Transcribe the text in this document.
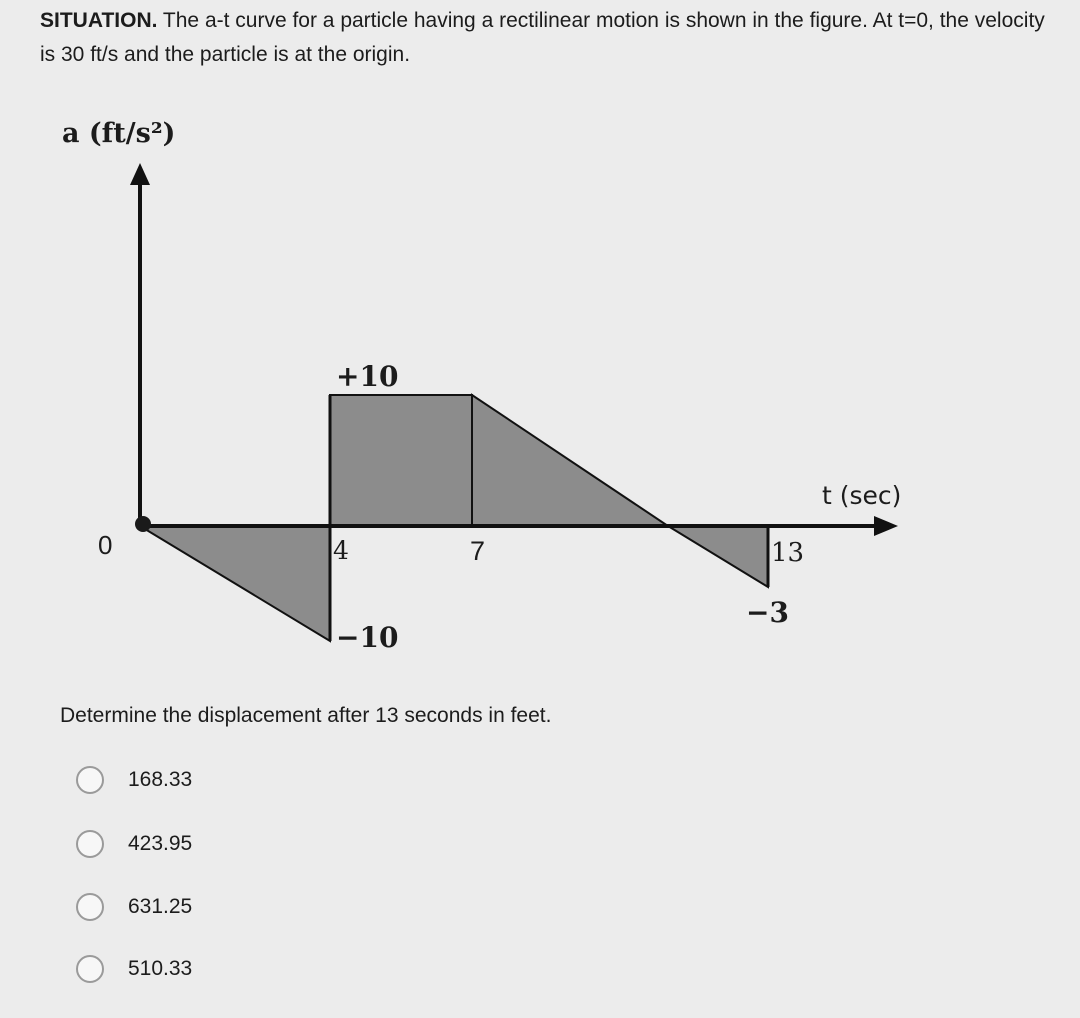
SITUATION. The a-t curve for a particle having a rectilinear motion is shown in the figure. At t=0, the velocity is 30 ft/s and the particle is at the origin.
a (ft/s²)
t (sec)
0	4	7	13
+10
−10
−3

Determine the displacement after 13 seconds in feet.

168.33
423.95
631.25
510.33
